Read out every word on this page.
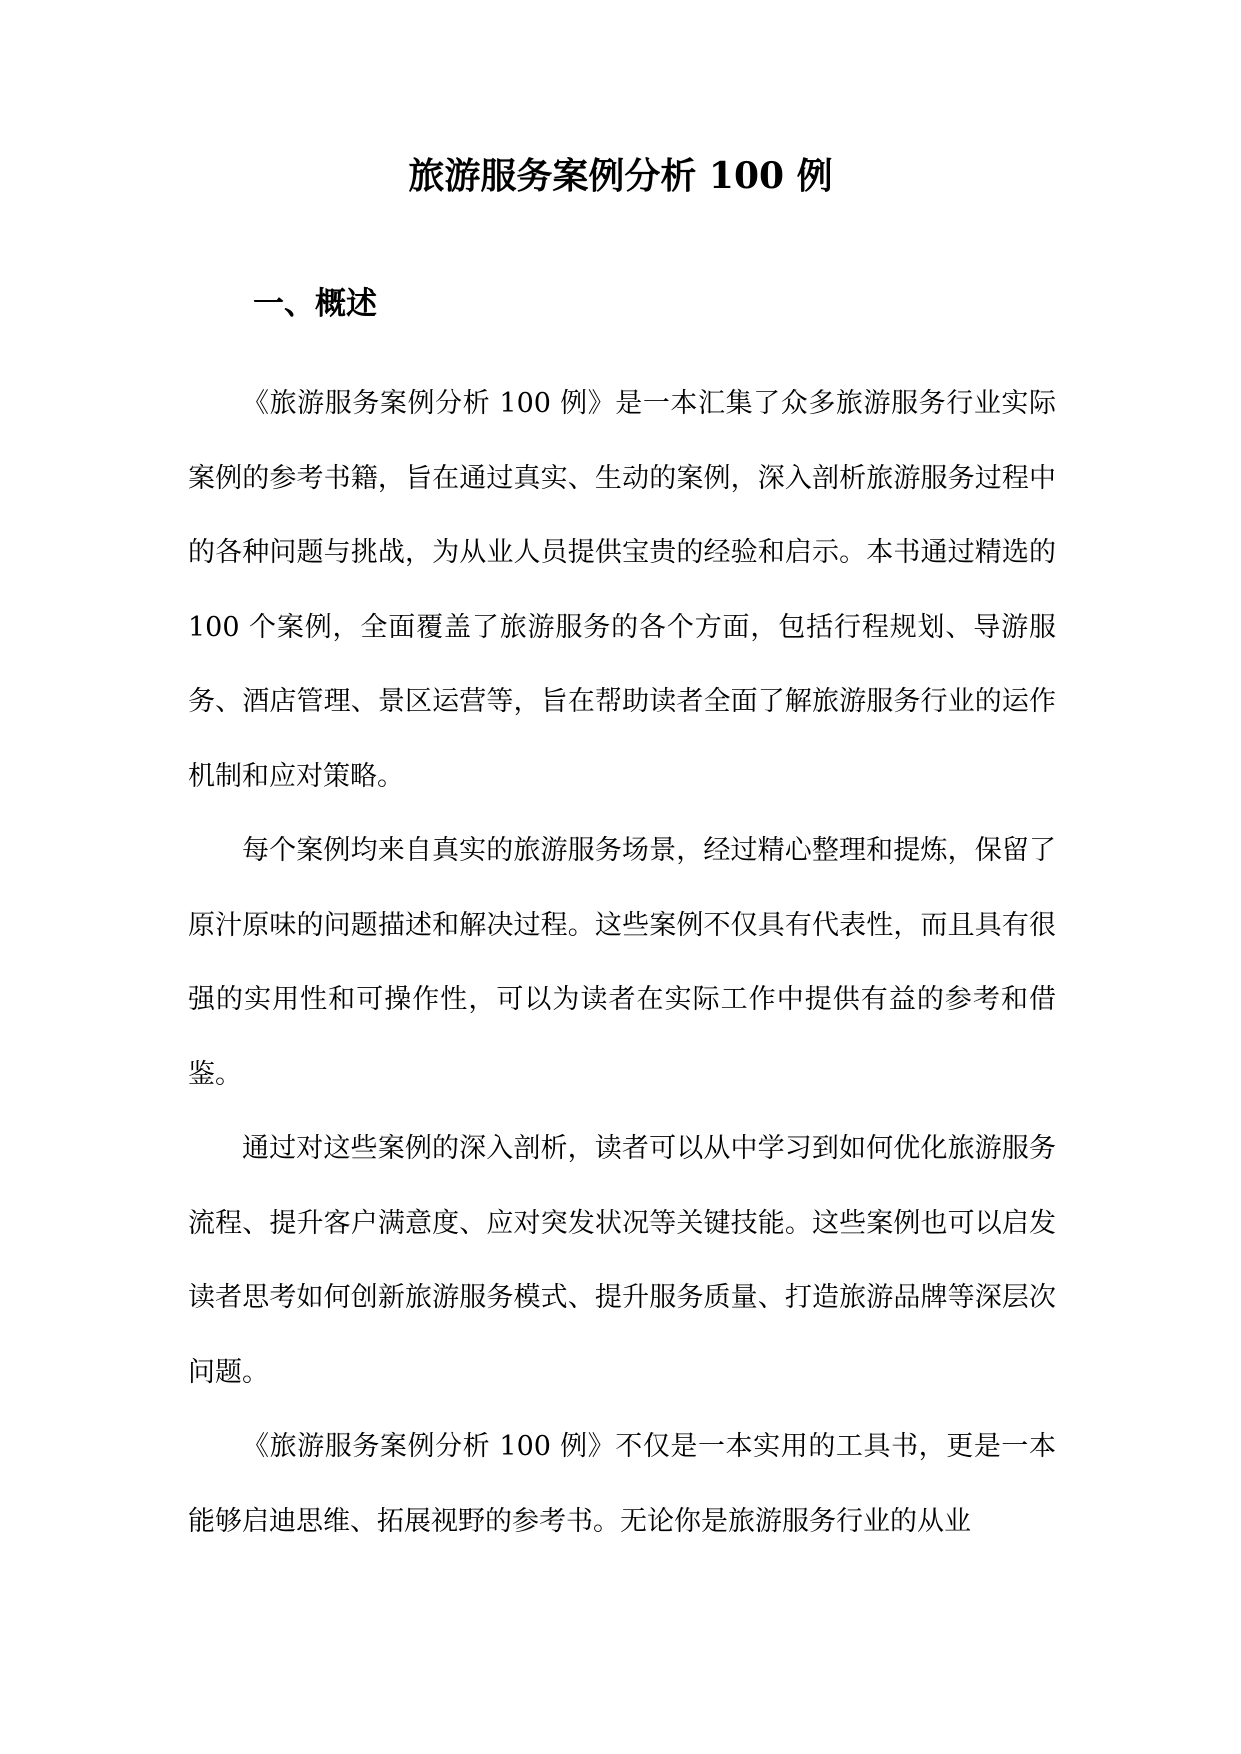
旅游服务案例分析 100 例
一、概述

《旅游服务案例分析 100 例》是一本汇集了众多旅游服务行业实际案例的参考书籍，旨在通过真实、生动的案例，深入剖析旅游服务过程中的各种问题与挑战，为从业人员提供宝贵的经验和启示。本书通过精选的 100 个案例，全面覆盖了旅游服务的各个方面，包括行程规划、导游服务、酒店管理、景区运营等，旨在帮助读者全面了解旅游服务行业的运作机制和应对策略。

每个案例均来自真实的旅游服务场景，经过精心整理和提炼，保留了原汁原味的问题描述和解决过程。这些案例不仅具有代表性，而且具有很强的实用性和可操作性，可以为读者在实际工作中提供有益的参考和借鉴。

通过对这些案例的深入剖析，读者可以从中学习到如何优化旅游服务流程、提升客户满意度、应对突发状况等关键技能。这些案例也可以启发读者思考如何创新旅游服务模式、提升服务质量、打造旅游品牌等深层次问题。

《旅游服务案例分析 100 例》不仅是一本实用的工具书，更是一本能够启迪思维、拓展视野的参考书。无论你是旅游服务行业的从业
